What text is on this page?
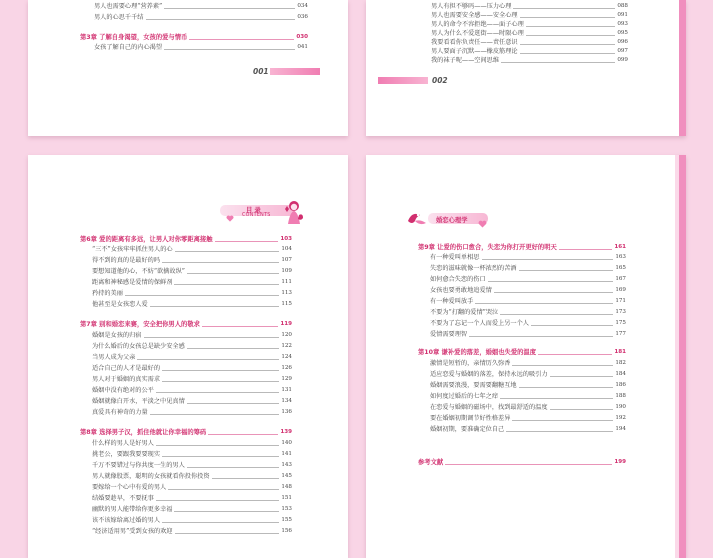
男人也需要心理“营养素”	034
男人的心思千千结	036
第3章 了解自身渴望，女孩的爱与情币	030
女孩了解自己的内心渴望	041
001
男人有担不够吗——压力心理	088
男人也需要安全感——安全心理	091
男人的命令不容拒绝——面子心理	093
男人为什么不爱逛街——时限心理	095
我要看看你负责任——责任意识	096
男人要面子沉默——橡皮筋理论	097
我的袜子呢——空间思维	099
002
目 录
CONTENTS
第6章 爱的距离有多远，让男人对你零距离接触	103
“三不”女孩牢牢抓住男人的心	104
得不到的真的是最好的吗	107
要想知道他的心，不妨“欲擒故纵”	109
距离和神秘感是爱情的保鲜剂	111
矜持的美丽	113
他甚至是女孩恋人爱	115
第7章 别和婚恋来赛，安全把你男人的敬求	119
婚姻是女孩的归宿	120
为什么婚后的女孩总是缺少安全感	122
当男人成为父亲	124
适合自己的人才是最好的	126
男人对于婚姻的真实需求	129
婚姻中没有绝对的公平	131
婚姻就像白开水，平淡之中见真情	134
真爱具有神奇的力量	136
第8章 选择男子汉，抓住他就让你幸福的筹码	139
什么样的男人是好男人	140
挑老公，要跟我要要现实	141
千万不要错过与你共度一生的男人	143
男人就像股票，聪明的女孩就看你投你投资	145
要嫁给一个心中有爱的男人	148
结婚要趁早，不要抚事	151
幽默的男人能带给你更多幸福	153
该不该嫁给离过婚的男人	155
“经济适用男”受到女孩的欢迎	156
婚恋心理学
第9章 让爱的伤口愈合，失恋为你打开更好的明天	161
有一种爱叫单相思	163
失恋的滋味就像一杯浓烈的苦酒	165
如何愈合失恋的伤口	167
女孩也要勇敢地追爱情	169
有一种爱叫放手	171
不要为“打翻的爱情”哭泣	173
不要为了忘记一个人而爱上另一个人	175
爱情需要理智	177
第10章 谦补爱的落差，婚姻也失爱的温度	181
激情是短暂的，亲情历久弥香	182
适应恋爱与婚姻的落差，保持永远的吸引力	184
婚姻需要浪漫，要需要翻糖互地	186
如何度过婚后的七年之痒	188
在恋爱与婚姻的磁场中，找到最舒适的温度	190
要在婚姻初期调节好性格差异	192
婚姻初期，要准确定位自己	194
参考文献	199
